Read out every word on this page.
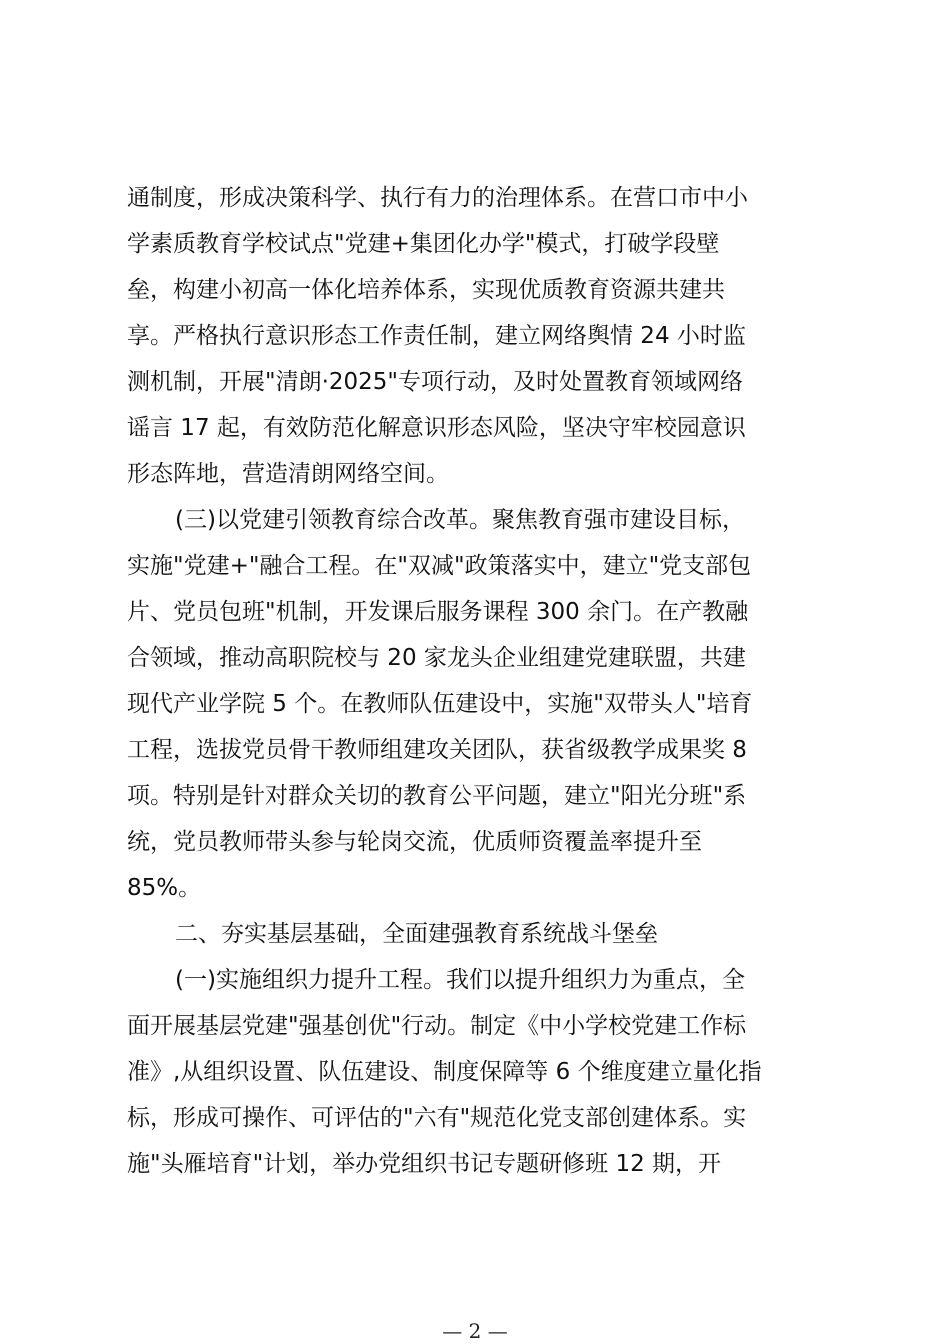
通制度，形成决策科学、执行有力的治理体系。在营口市中小
学素质教育学校试点"党建+集团化办学"模式，打破学段壁
垒，构建小初高一体化培养体系，实现优质教育资源共建共
享。严格执行意识形态工作责任制，建立网络舆情 24 小时监
测机制，开展"清朗·2025"专项行动，及时处置教育领域网络
谣言 17 起，有效防范化解意识形态风险，坚决守牢校园意识
形态阵地，营造清朗网络空间。
(三)以党建引领教育综合改革。聚焦教育强市建设目标，
实施"党建+"融合工程。在"双减"政策落实中，建立"党支部包
片、党员包班"机制，开发课后服务课程 300 余门。在产教融
合领域，推动高职院校与 20 家龙头企业组建党建联盟，共建
现代产业学院 5 个。在教师队伍建设中，实施"双带头人"培育
工程，选拔党员骨干教师组建攻关团队，获省级教学成果奖 8
项。特别是针对群众关切的教育公平问题，建立"阳光分班"系
统，党员教师带头参与轮岗交流，优质师资覆盖率提升至
85%。
二、夯实基层基础，全面建强教育系统战斗堡垒
(一)实施组织力提升工程。我们以提升组织力为重点，全
面开展基层党建"强基创优"行动。制定《中小学校党建工作标
准》,从组织设置、队伍建设、制度保障等 6 个维度建立量化指
标，形成可操作、可评估的"六有"规范化党支部创建体系。实
施"头雁培育"计划，举办党组织书记专题研修班 12 期，开
— 2 —
